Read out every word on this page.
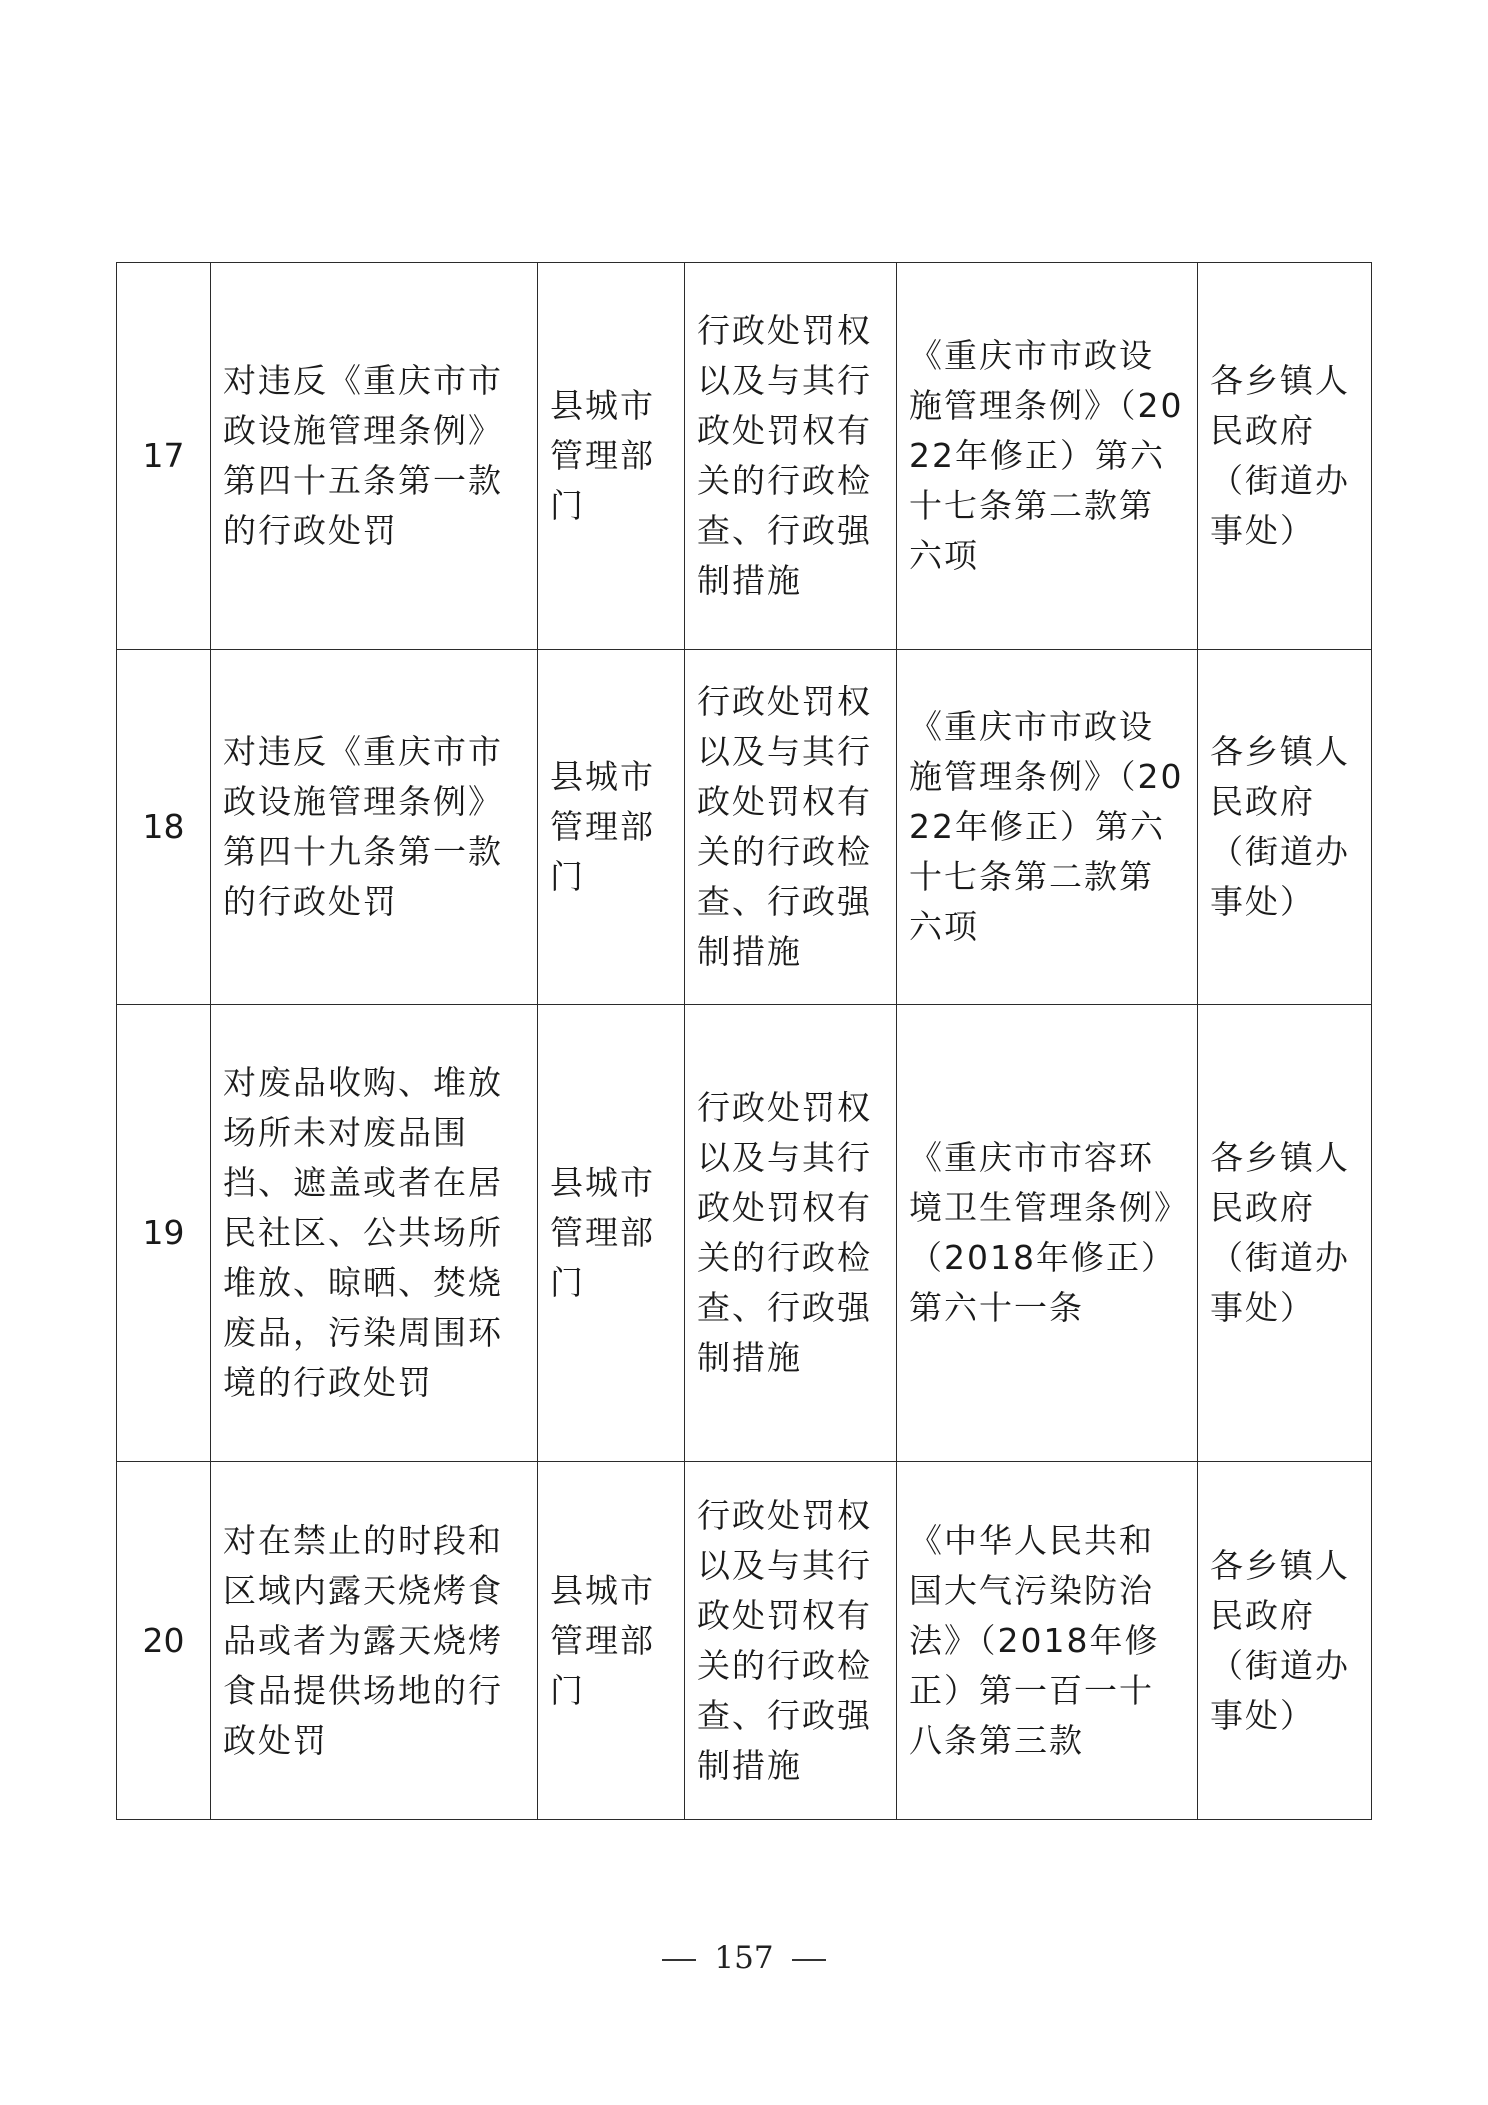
17	对违反《重庆市市政设施管理条例》第四十五条第一款的行政处罚	县城市管理部门	行政处罚权以及与其行政处罚权有关的行政检查、行政强制措施	《重庆市市政设施管理条例》（2022年修正）第六十七条第二款第六项	各乡镇人民政府（街道办事处）
18	对违反《重庆市市政设施管理条例》第四十九条第一款的行政处罚	县城市管理部门	行政处罚权以及与其行政处罚权有关的行政检查、行政强制措施	《重庆市市政设施管理条例》（2022年修正）第六十七条第二款第六项	各乡镇人民政府（街道办事处）
19	对废品收购、堆放场所未对废品围挡、遮盖或者在居民社区、公共场所堆放、晾晒、焚烧废品，污染周围环境的行政处罚	县城市管理部门	行政处罚权以及与其行政处罚权有关的行政检查、行政强制措施	《重庆市市容环境卫生管理条例》（2018年修正）第六十一条	各乡镇人民政府（街道办事处）
20	对在禁止的时段和区域内露天烧烤食品或者为露天烧烤食品提供场地的行政处罚	县城市管理部门	行政处罚权以及与其行政处罚权有关的行政检查、行政强制措施	《中华人民共和国大气污染防治法》（2018年修正）第一百一十八条第三款	各乡镇人民政府（街道办事处）
157
